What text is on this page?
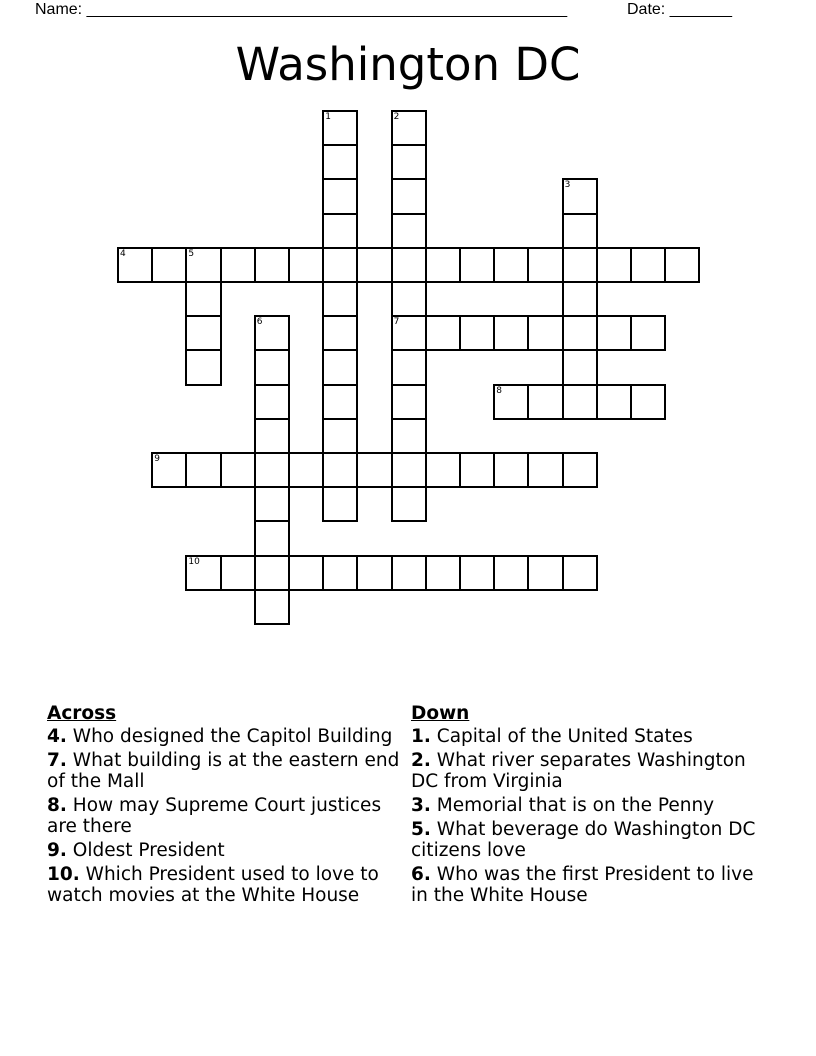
Name: ______________________________________________________	Date: _______
Washington DC
1	2
7
3
4	5
6
8
9
10
Across
4. Who designed the Capitol Building
7. What building is at the eastern end of the Mall
8. How may Supreme Court justices are there
9. Oldest President
10. Which President used to love to watch movies at the White House
Down
1. Capital of the United States
2. What river separates Washington DC from Virginia
3. Memorial that is on the Penny
5. What beverage do Washington DC citizens love
6. Who was the first President to live in the White House
